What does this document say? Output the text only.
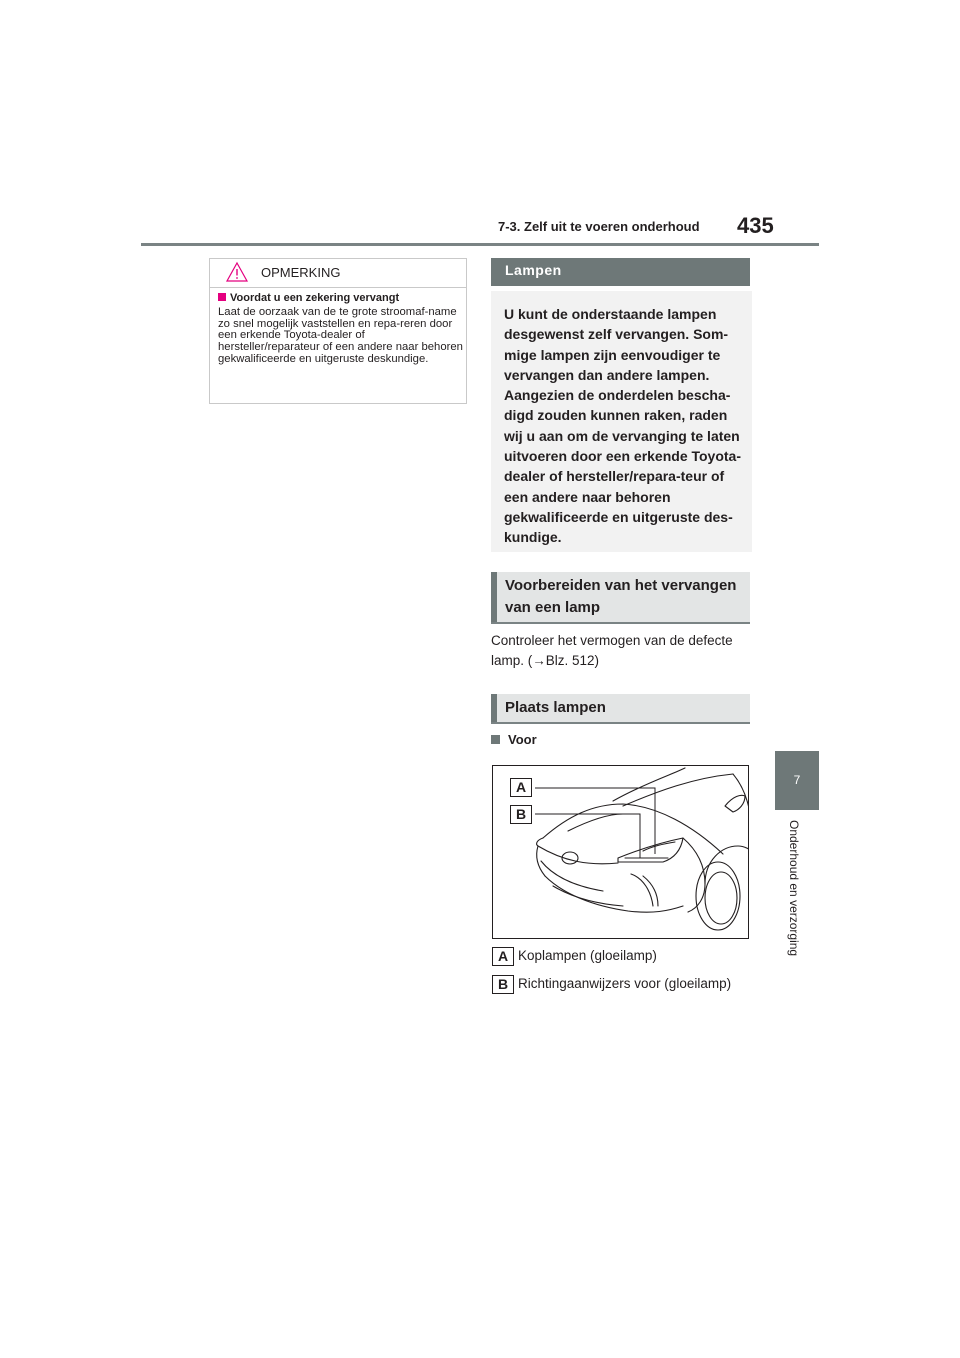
7-3. Zelf uit te voeren onderhoud 435
7
Onderhoud en verzorging
OPMERKING
Voordat u een zekering vervangt
Laat de oorzaak van de te grote stroomaf-name zo snel mogelijk vaststellen en repa-reren door een erkende Toyota-dealer of hersteller/reparateur of een andere naar behoren gekwalificeerde en uitgeruste deskundige.
Lampen
U kunt de onderstaande lampen desgewenst zelf vervangen. Som-mige lampen zijn eenvoudiger te vervangen dan andere lampen. Aangezien de onderdelen bescha-digd zouden kunnen raken, raden wij u aan om de vervanging te laten uitvoeren door een erkende Toyota-dealer of hersteller/repara-teur of een andere naar behoren gekwalificeerde en uitgeruste des-kundige.
Voorbereiden van het vervangen van een lamp
Controleer het vermogen van de defecte lamp. (→Blz. 512)
Plaats lampen
Voor
A
B
A Koplampen (gloeilamp)
B Richtingaanwijzers voor (gloeilamp)
